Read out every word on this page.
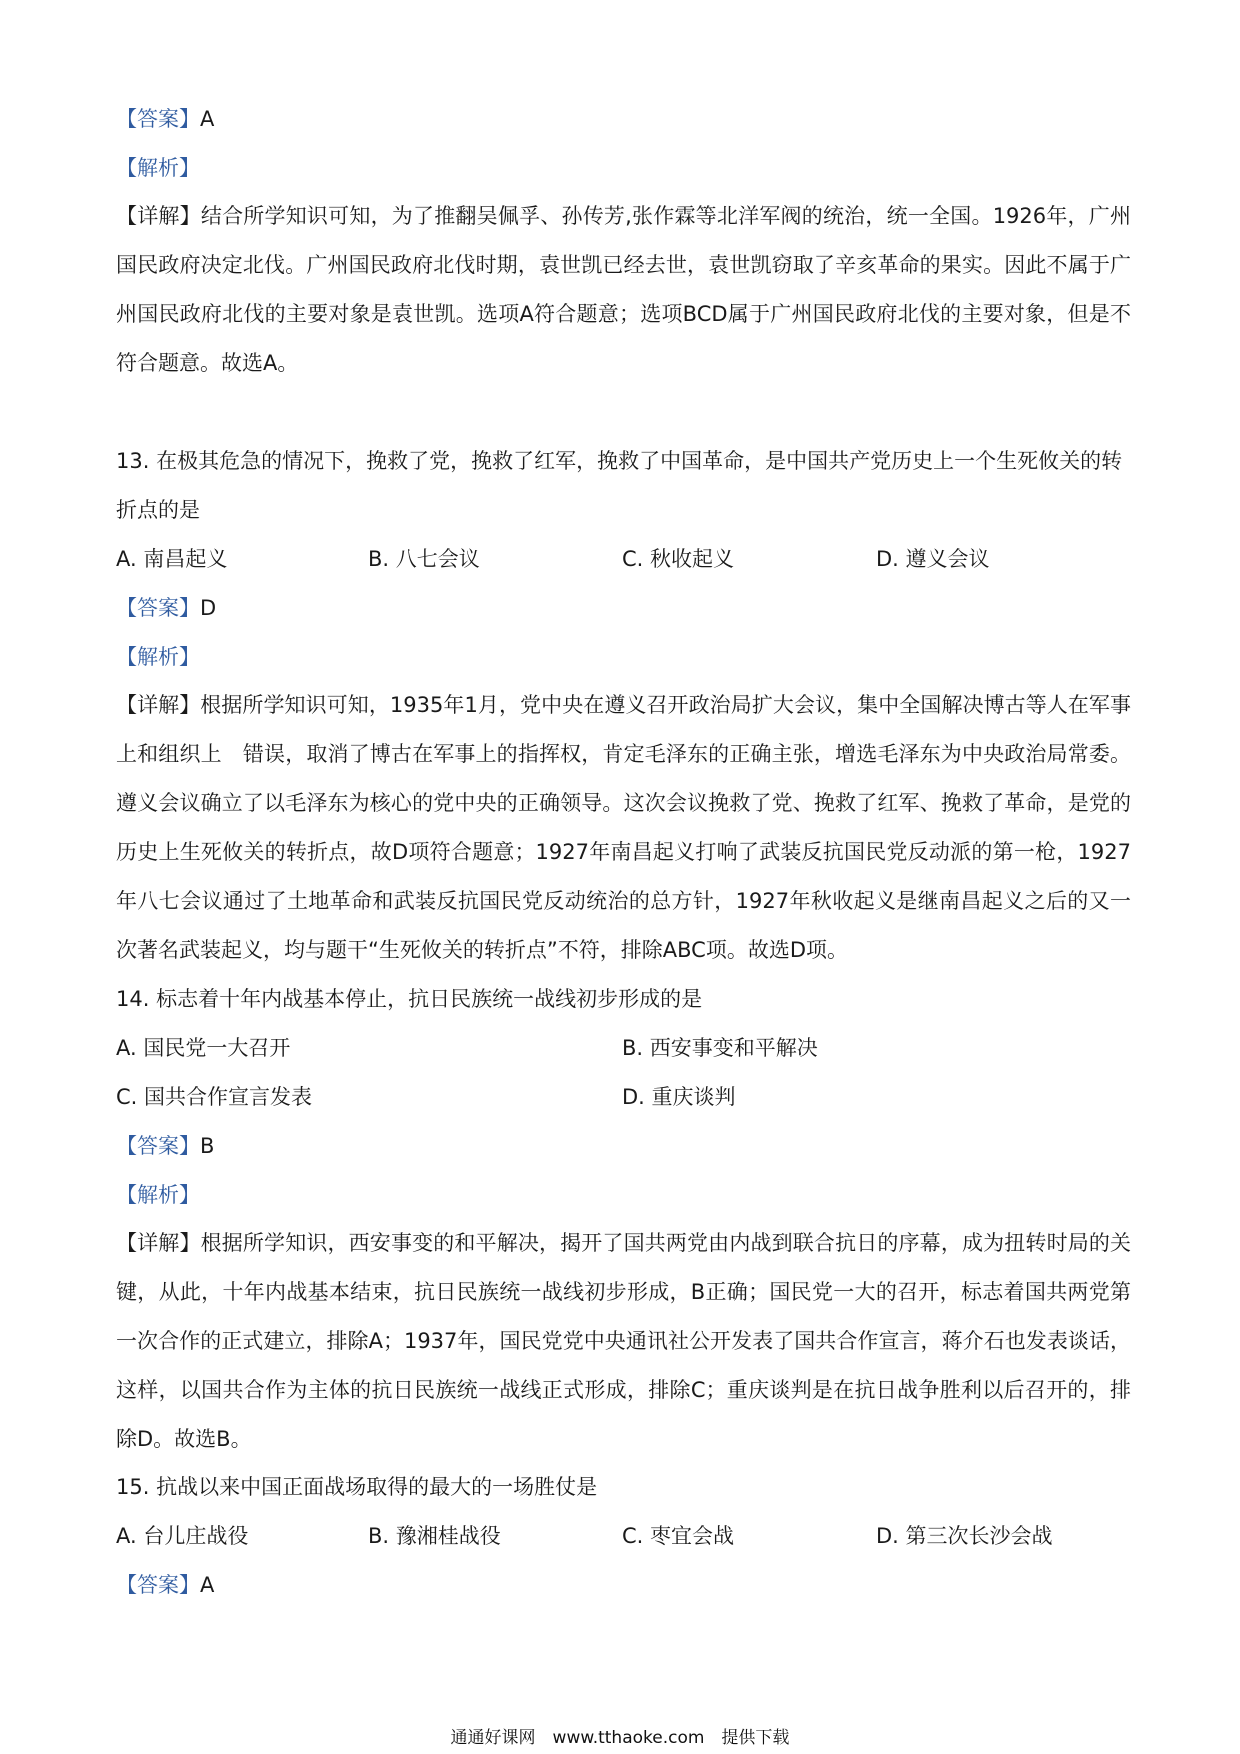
【答案】A
【解析】
【详解】结合所学知识可知，为了推翻吴佩孚、孙传芳,张作霖等北洋军阀的统治，统一全国。1926年，广州国民政府决定北伐。广州国民政府北伐时期，袁世凯已经去世，袁世凯窃取了辛亥革命的果实。因此不属于广州国民政府北伐的主要对象是袁世凯。选项A符合题意；选项BCD属于广州国民政府北伐的主要对象，但是不符合题意。故选A。
13. 在极其危急的情况下，挽救了党，挽救了红军，挽救了中国革命，是中国共产党历史上一个生死攸关的转折点的是
A. 南昌起义	B. 八七会议	C. 秋收起义	D. 遵义会议
【答案】D
【解析】
【详解】根据所学知识可知，1935年1月，党中央在遵义召开政治局扩大会议，集中全国解决博古等人在军事上和组织上　错误，取消了博古在军事上的指挥权，肯定毛泽东的正确主张，增选毛泽东为中央政治局常委。遵义会议确立了以毛泽东为核心的党中央的正确领导。这次会议挽救了党、挽救了红军、挽救了革命，是党的历史上生死攸关的转折点，故D项符合题意；1927年南昌起义打响了武装反抗国民党反动派的第一枪，1927年八七会议通过了土地革命和武装反抗国民党反动统治的总方针，1927年秋收起义是继南昌起义之后的又一次著名武装起义，均与题干“生死攸关的转折点”不符，排除ABC项。故选D项。
14. 标志着十年内战基本停止，抗日民族统一战线初步形成的是
A. 国民党一大召开	B. 西安事变和平解决
C. 国共合作宣言发表	D. 重庆谈判
【答案】B
【解析】
【详解】根据所学知识，西安事变的和平解决，揭开了国共两党由内战到联合抗日的序幕，成为扭转时局的关键，从此，十年内战基本结束，抗日民族统一战线初步形成，B正确；国民党一大的召开，标志着国共两党第一次合作的正式建立，排除A；1937年，国民党党中央通讯社公开发表了国共合作宣言，蒋介石也发表谈话，这样，以国共合作为主体的抗日民族统一战线正式形成，排除C；重庆谈判是在抗日战争胜利以后召开的，排除D。故选B。
15. 抗战以来中国正面战场取得的最大的一场胜仗是
A. 台儿庄战役	B. 豫湘桂战役	C. 枣宜会战	D. 第三次长沙会战
【答案】A
通通好课网　www.tthaoke.com　提供下载
